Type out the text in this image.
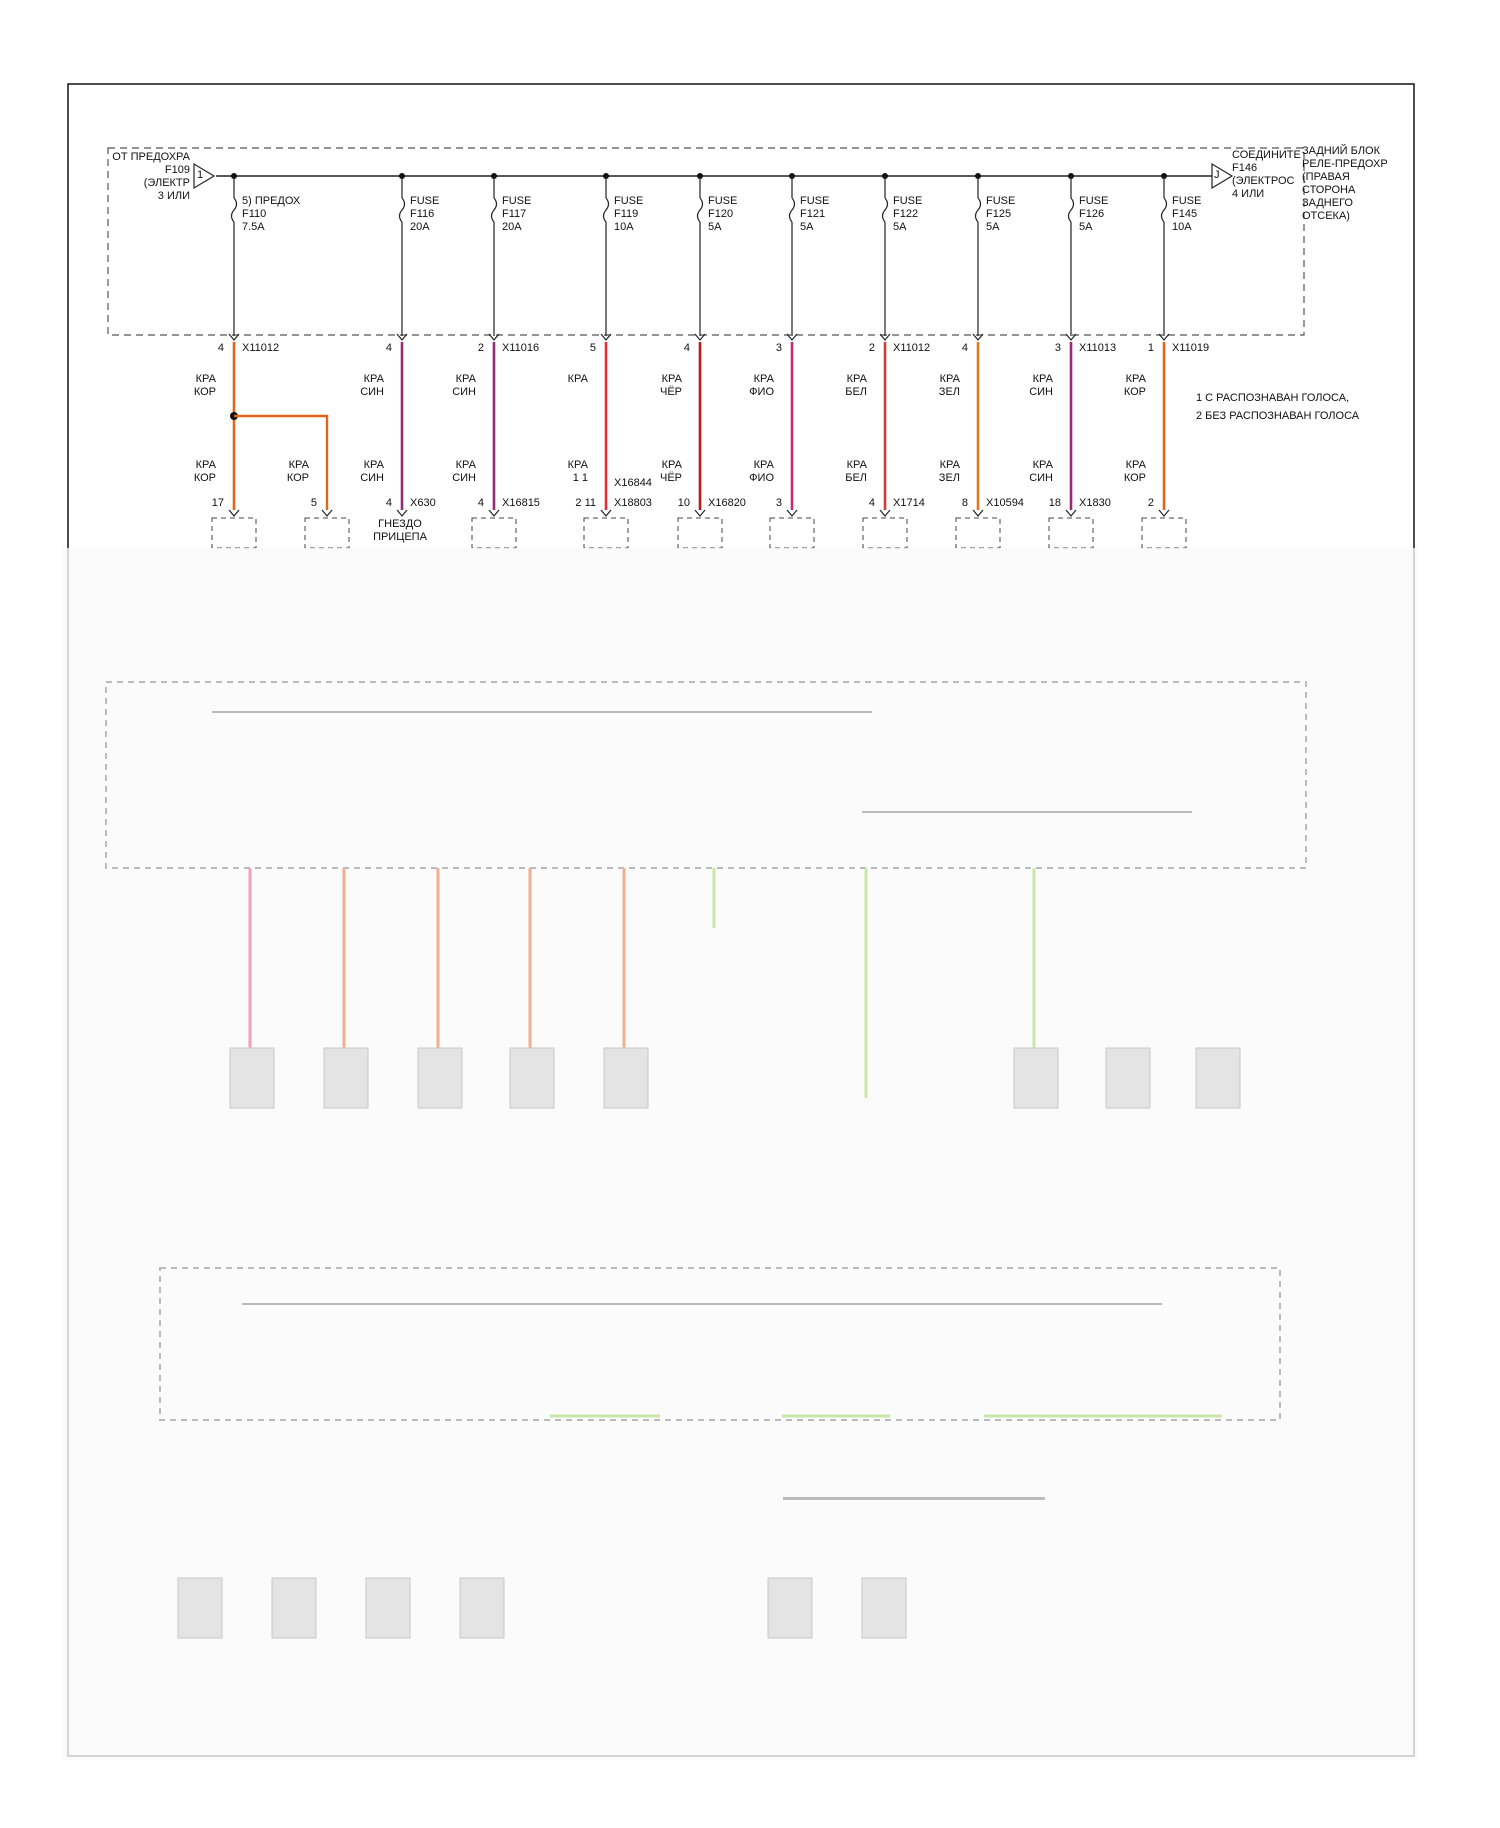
5) ПРЕДОХ
F110
7.5A
4 X11012
КРА
КОР
FUSE
F116
20A
4
КРА
СИН
FUSE
F117
20A
2 X11016
КРА
СИН
FUSE
F119
10A
5
КРА
FUSE
F120
5A
4
КРА
ЧЁР
FUSE
F121
5A
3
КРА
ФИО
FUSE
F122
5A
2 X11012
КРА
БЕЛ
FUSE
F125
5A
4
КРА
ЗЕЛ
FUSE
F126
5A
3 X11013
КРА
СИН
FUSE
F145
10A
1 X11019
КРА
КОР
КРА
КОР
17
КРА
КОР
5
КРА
СИН
4 X630
КРА
СИН
4 X16815
КРА
1 1
2 11
X16844
X18803
КРА
ЧЁР
10 X16820
КРА
ФИО
3
КРА
БЕЛ
4 X1714
КРА
ЗЕЛ
8 X10594
КРА
СИН
18 X1830
КРА
КОР
2
ОТ ПРЕДОХРА
F109
(ЭЛЕКТР
3 ИЛИ
1
СОЕДИНИТЕ
F146
(ЭЛЕКТРОС
4 ИЛИ
J
ЗАДНИЙ БЛОК
РЕЛЕ-ПРЕДОХР
(ПРАВАЯ
СТОРОНА
ЗАДНЕГО
ОТСЕКА)
1 С РАСПОЗНАВАН ГОЛОСА,
2 БЕЗ РАСПОЗНАВАН ГОЛОСА
ГНЕЗДО
ПРИЦЕПА
